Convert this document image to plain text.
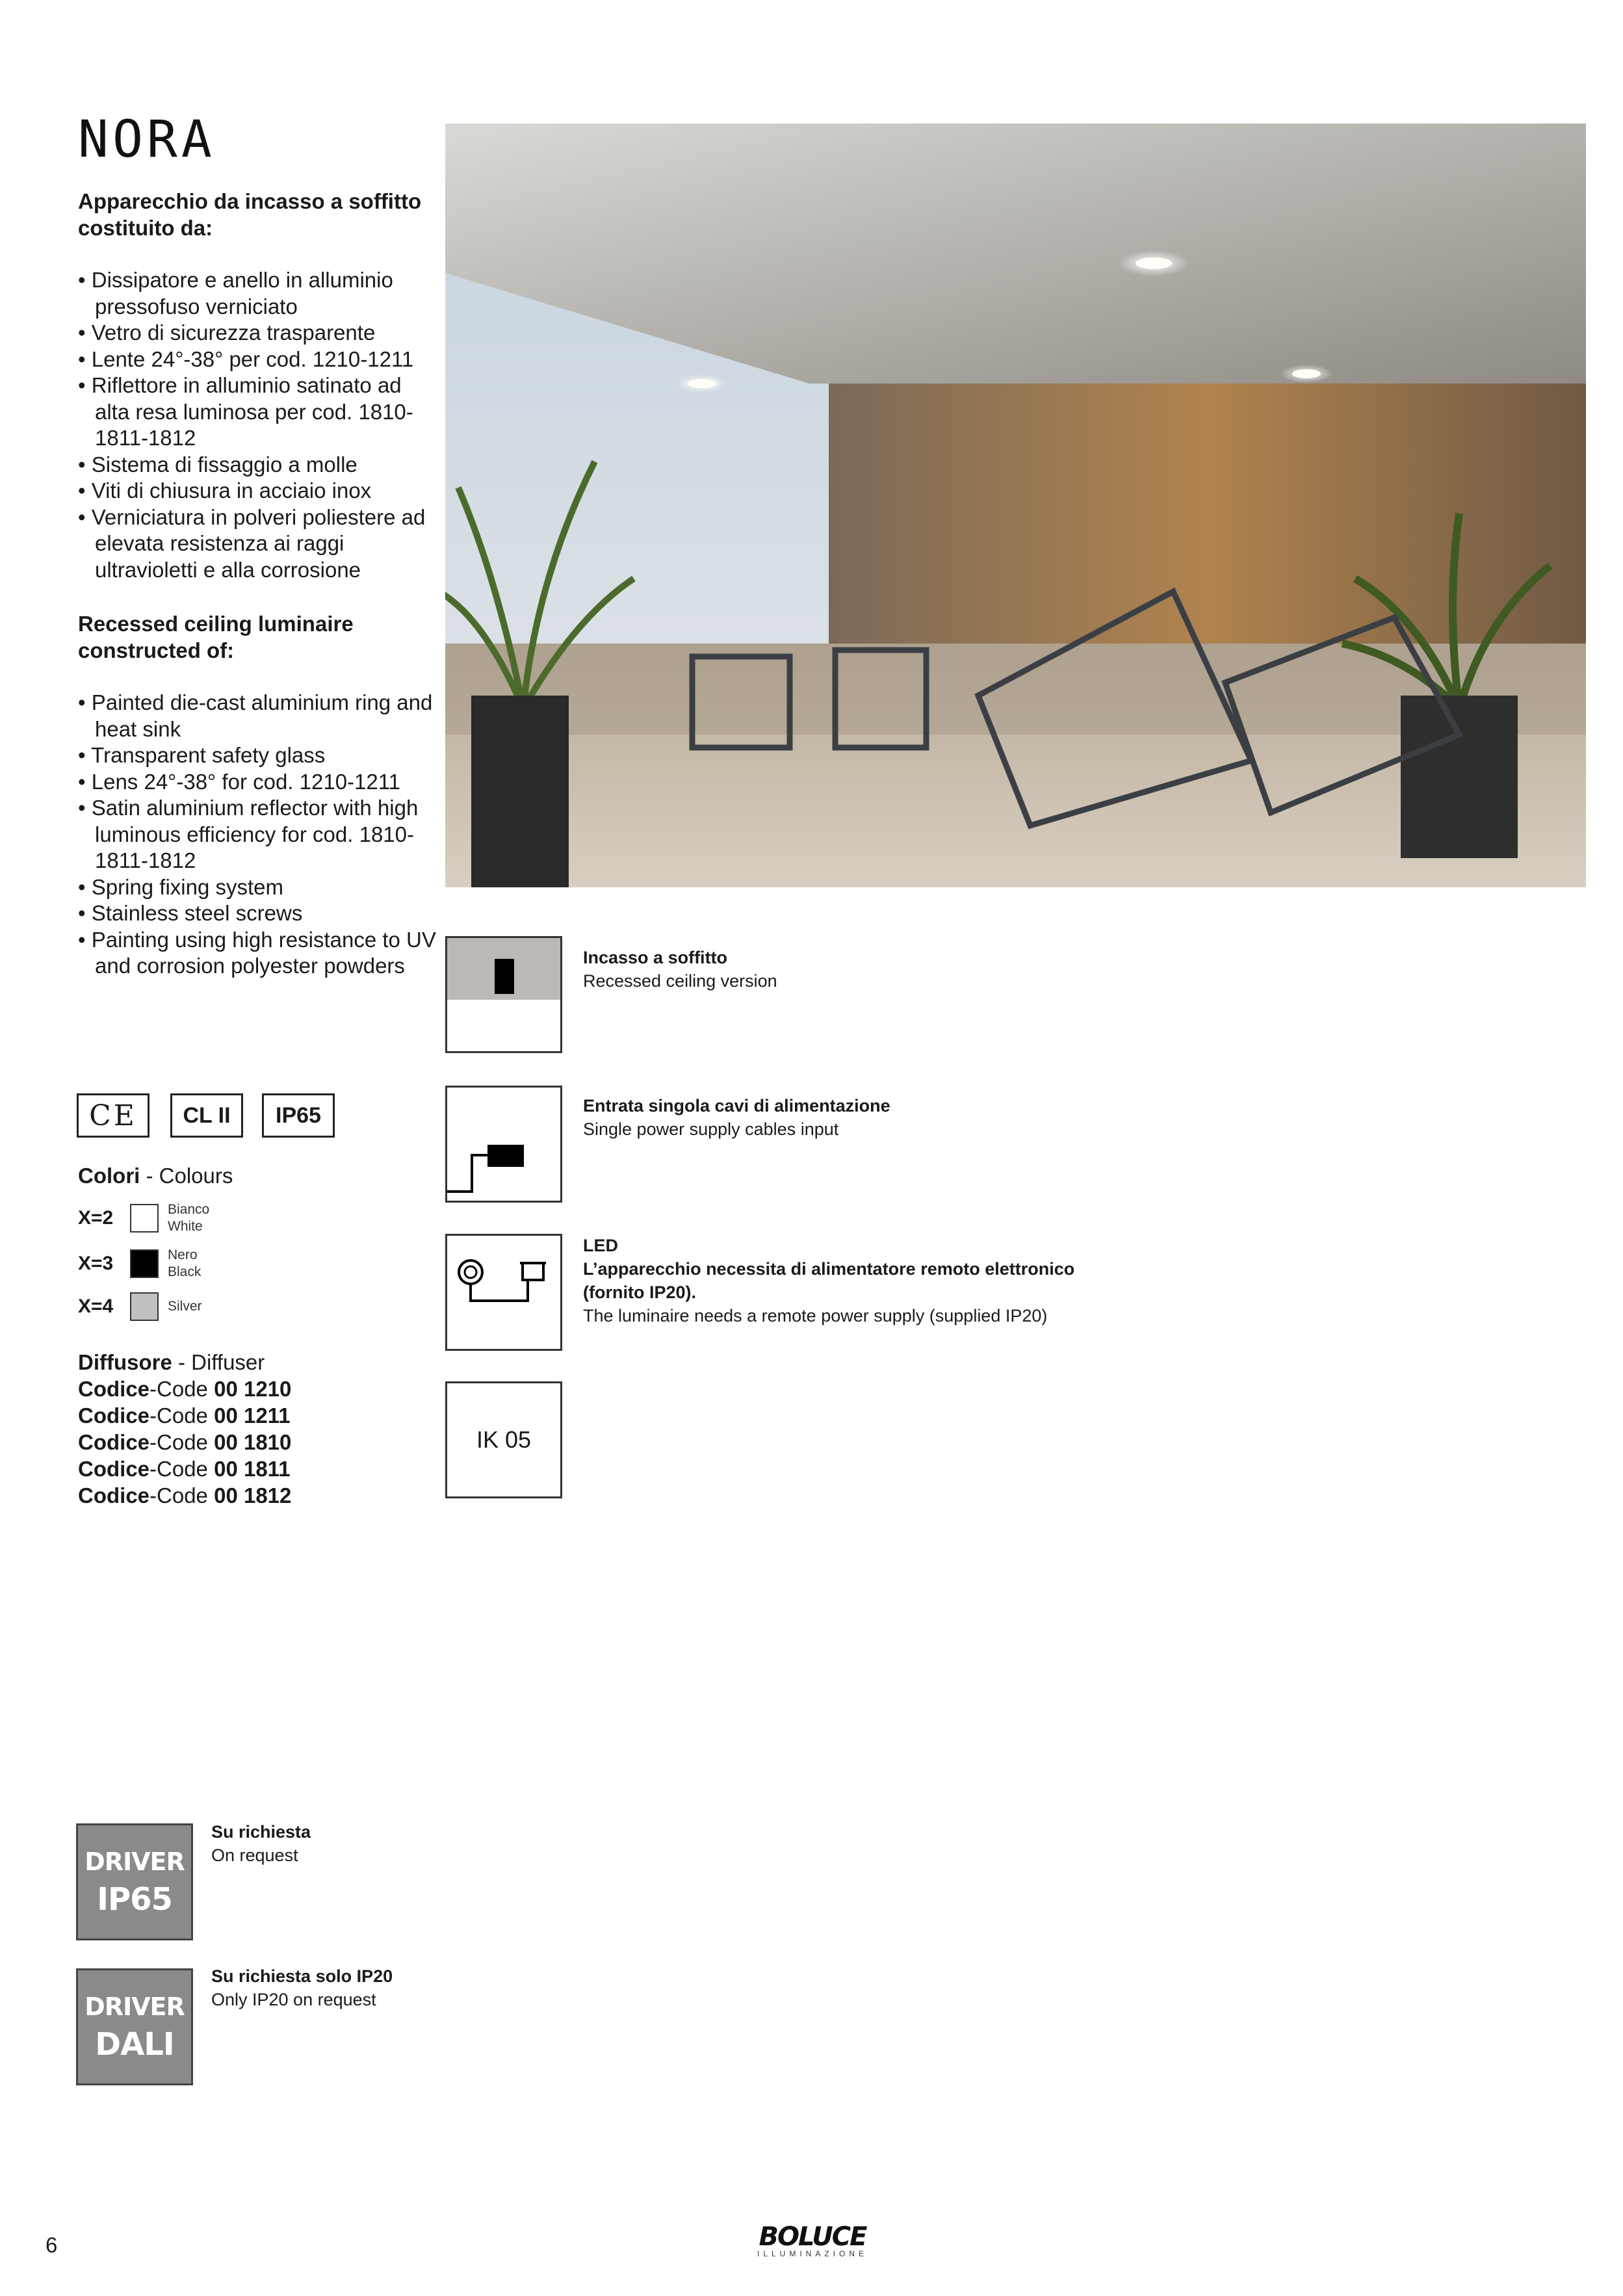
NORA
Apparecchio da incasso a soffitto costituito da:
• Dissipatore e anello in alluminio pressofuso verniciato
• Vetro di sicurezza trasparente
• Lente 24°-38° per cod. 1210-1211
• Riflettore in alluminio satinato ad alta resa luminosa per cod. 1810-1811-1812
• Sistema di fissaggio a molle
• Viti di chiusura in acciaio inox
• Verniciatura in polveri poliestere ad elevata resistenza ai raggi ultravioletti e alla corrosione
Recessed ceiling luminaire constructed of:
• Painted die-cast aluminium ring and heat sink
• Transparent safety glass
• Lens 24°-38° for cod. 1210-1211
• Satin aluminium reflector with high luminous efficiency for cod. 1810-1811-1812
• Spring fixing system
• Stainless steel screws
• Painting using high resistance to UV and corrosion polyester powders
CE	CL II	IP65
Colori - Colours
X=2	Bianco
White
X=3	Nero
Black
X=4	Silver
Diffusore - Diffuser
Codice-Code 00 1210
Codice-Code 00 1211
Codice-Code 00 1810
Codice-Code 00 1811
Codice-Code 00 1812
Incasso a soffitto
Recessed ceiling version
Entrata singola cavi di alimentazione
Single power supply cables input
LED
L’apparecchio necessita di alimentatore remoto elettronico (fornito IP20).
The luminaire needs a remote power supply (supplied IP20)
IK 05
DRIVER
IP65
Su richiesta
On request
DRIVER
DALI
Su richiesta solo IP20
Only IP20 on request
6	BOLUCE
ILLUMINAZIONE
